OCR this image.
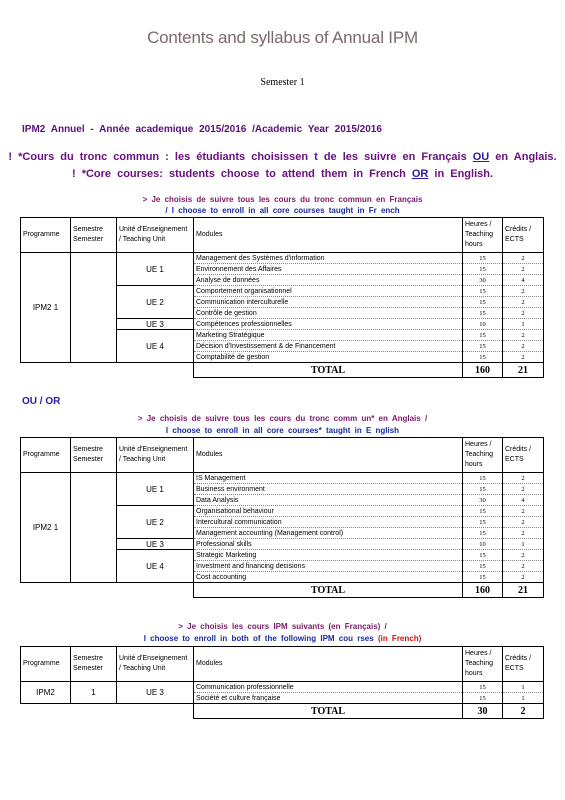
Contents and syllabus of Annual IPM
Semester 1
IPM2 Annuel - Année academique 2015/2016 /Academic Year 2015/2016
! *Cours du tronc commun : les étudiants choisissen t de les suivre en Français OU en Anglais.
! *Core courses: students choose to attend them in French OR in English.
> Je choisis de suivre tous les cours du tronc commun en Français
/ I choose to enroll in all core courses taught in Fr ench
Programme	Semestre Semester	Unité d'Enseignement / Teaching Unit	Modules	Heures / Teaching hours	Crédits / ECTS
IPM2 1		UE 1	Management des Systèmes d'information	15	2
			Environnement des Affaires	15	2
			Analyse de données	30	4
		UE 2	Comportement organisationnel	15	2
			Communication interculturelle	15	2
			Contrôle de gestion	15	2
		UE 3	Compétences professionnelles	10	1
		UE 4	Marketing Stratégique	15	2
			Décision d'Investissement & de Financement	15	2
			Comptabilité de gestion	15	2
			TOTAL	160	21
OU / OR
> Je choisis de suivre tous les cours du tronc comm un* en Anglais /
I choose to enroll in all core courses* taught in E nglish
Programme	Semestre Semester	Unité d'Enseignement / Teaching Unit	Modules	Heures / Teaching hours	Crédits / ECTS
IPM2 1		UE 1	IS Management	15	2
			Business environment	15	2
			Data Analysis	30	4
		UE 2	Organisational behaviour	15	2
			Intercultural communication	15	2
			Management accounting (Management control)	15	2
		UE 3	Professional skills	10	1
		UE 4	Strategic Marketing	15	2
			Investment and financing decisions	15	2
			Cost accounting	15	2
			TOTAL	160	21
> Je choisis les cours IPM suivants (en Français) /
I choose to enroll in both of the following IPM cou rses (in French)
Programme	Semestre Semester	Unité d'Enseignement / Teaching Unit	Modules	Heures / Teaching hours	Crédits / ECTS
IPM2	1	UE 3	Communication professionnelle	15	1
			Société et culture française	15	1
			TOTAL	30	2
